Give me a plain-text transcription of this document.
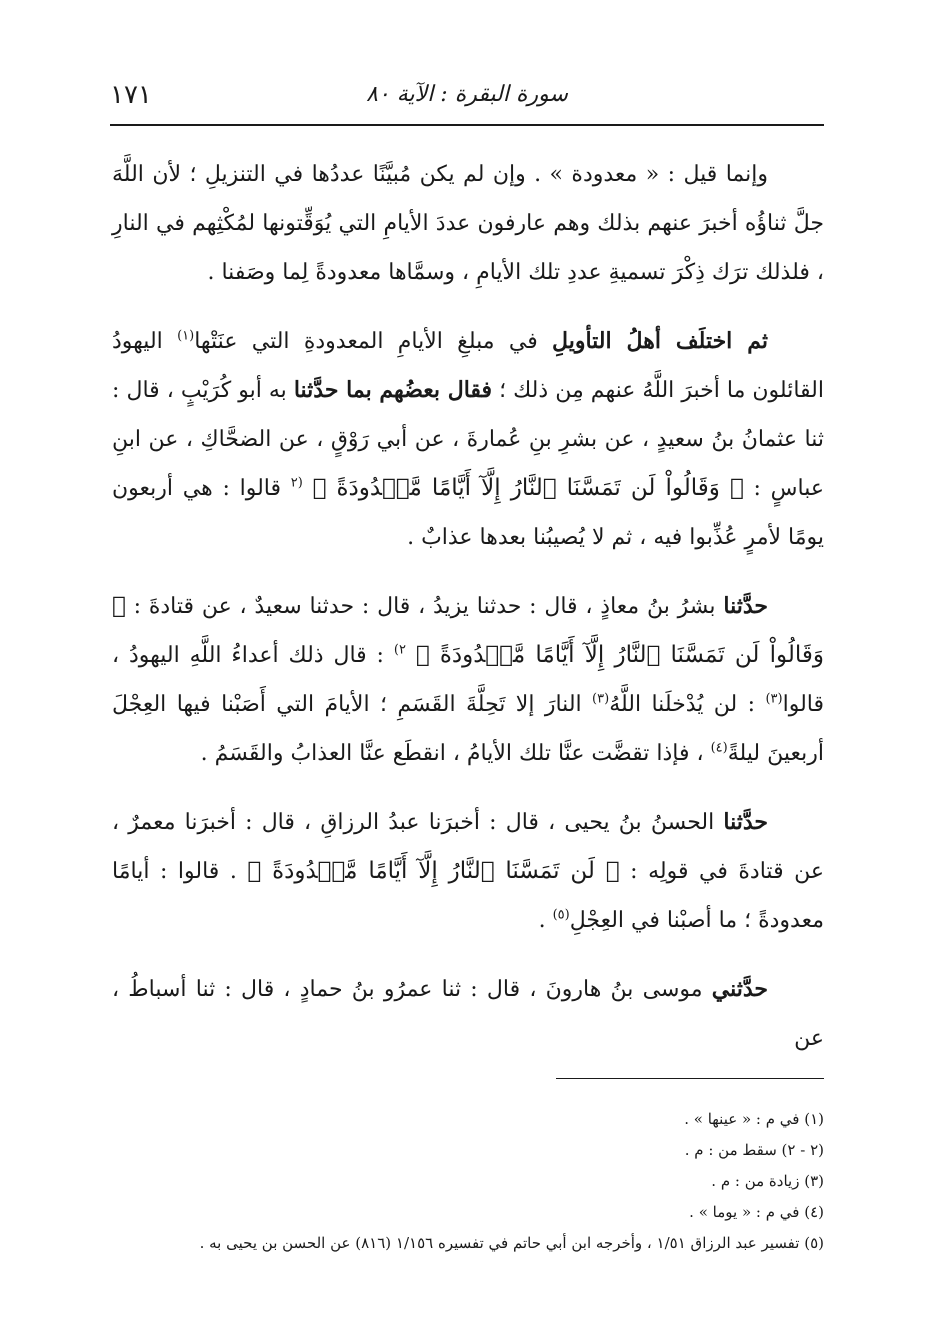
١٧١	سورة البقرة : الآية ٨٠

وإنما قيل : « معدودة » . وإن لم يكن مُبيَّنًا عددُها في التنزيلِ ؛ لأن اللَّهَ جلَّ ثناؤُه أخبرَ عنهم بذلك وهم عارفون عددَ الأيامِ التي يُوَقِّتونها لمُكْثِهم في النارِ ، فلذلك ترَك ذِكْرَ تسميةِ عددِ تلك الأيامِ ، وسمَّاها معدودةً لِما وصَفنا .

ثم اختلَف أهلُ التأويلِ في مبلغِ الأيامِ المعدودةِ التي عنَتْها$^{(١)}$ اليهودُ القائلون ما أخبرَ اللَّهُ عنهم مِن ذلك ؛ فقال بعضُهم بما حدَّثنا به أبو كُرَيْبٍ ، قال : ثنا عثمانُ بنُ سعيدٍ ، عن بشرِ بنِ عُمارةَ ، عن أبي رَوْقٍ ، عن الضحَّاكِ ، عن ابنِ عباسٍ : ﴿ وَقَالُواْ لَن تَمَسَّنَا ٱلنَّارُ إِلَّآ أَيَّامًا مَّعۡدُودَةً ﴾ $^{(٢}$ قالوا : هي أربعون يومًا لأمرٍ عُذِّبوا فيه ، ثم لا يُصيبُنا بعدها عذابٌ .

حدَّثنا بشرُ بنُ معاذٍ ، قال : حدثنا يزيدُ ، قال : حدثنا سعيدٌ ، عن قتادةَ : ﴿ وَقَالُواْ لَن تَمَسَّنَا ٱلنَّارُ إِلَّآ أَيَّامًا مَّعۡدُودَةً ﴾ $^{٢)}$ : قال ذلك أعداءُ اللَّهِ اليهودُ ، قالوا$^{(٣)}$ : لن يُدْخلَنا اللَّهُ$^{(٣)}$ النارَ إلا تَحِلَّةَ القَسَمِ ؛ الأيامَ التي أَصَبْنا فيها العِجْلَ أربعينَ ليلةً$^{(٤)}$ ، فإذا تقضَّت عنَّا تلك الأيامُ ، انقطَع عنَّا العذابُ والقَسَمُ .

حدَّثنا الحسنُ بنُ يحيى ، قال : أخبرَنا عبدُ الرزاقِ ، قال : أخبرَنا معمرٌ ، عن قتادةَ في قولِه : ﴿ لَن تَمَسَّنَا ٱلنَّارُ إِلَّآ أَيَّامًا مَّعۡدُودَةً ﴾ . قالوا : أيامًا معدودةً ؛ ما أصبْنا في العِجْلِ$^{(٥)}$ .

حدَّثني موسى بنُ هارونَ ، قال : ثنا عمرُو بنُ حمادٍ ، قال : ثنا أسباطُ ، عن

(١) في م : « عينها » .

(٢ - ٢) سقط من : م .

(٣) زيادة من : م .

(٤) في م : « يوما » .

(٥) تفسير عبد الرزاق ١/٥١ ، وأخرجه ابن أبي حاتم في تفسيره ١/١٥٦ (٨١٦) عن الحسن بن يحيى به .
